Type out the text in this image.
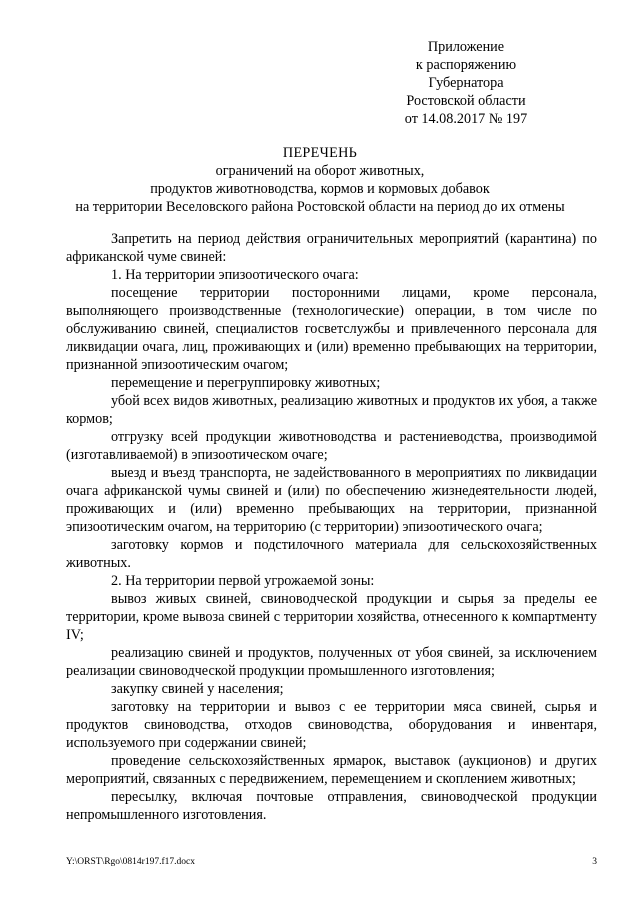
Приложение
к распоряжению
Губернатора
Ростовской области
от 14.08.2017 № 197
ПЕРЕЧЕНЬ
ограничений на оборот животных,
продуктов животноводства, кормов и кормовых добавок
на территории Веселовского района Ростовской области на период до их отмены

Запретить на период действия ограничительных мероприятий (карантина) по африканской чуме свиней:

1. На территории эпизоотического очага:

посещение территории посторонними лицами, кроме персонала, выполняющего производственные (технологические) операции, в том числе по обслуживанию свиней, специалистов госветслужбы и привлеченного персонала для ликвидации очага, лиц, проживающих и (или) временно пребывающих на территории, признанной эпизоотическим очагом;

перемещение и перегруппировку животных;

убой всех видов животных, реализацию животных и продуктов их убоя, а также кормов;

отгрузку всей продукции животноводства и растениеводства, производимой (изготавливаемой) в эпизоотическом очаге;

выезд и въезд транспорта, не задействованного в мероприятиях по ликвидации очага африканской чумы свиней и (или) по обеспечению жизнедеятельности людей, проживающих и (или) временно пребывающих на территории, признанной эпизоотическим очагом, на территорию (с территории) эпизоотического очага;

заготовку кормов и подстилочного материала для сельскохозяйственных животных.

2. На территории первой угрожаемой зоны:

вывоз живых свиней, свиноводческой продукции и сырья за пределы ее территории, кроме вывоза свиней с территории хозяйства, отнесенного к компартменту IV;

реализацию свиней и продуктов, полученных от убоя свиней, за исключением реализации свиноводческой продукции промышленного изготовления;

закупку свиней у населения;

заготовку на территории и вывоз с ее территории мяса свиней, сырья и продуктов свиноводства, отходов свиноводства, оборудования и инвентаря, используемого при содержании свиней;

проведение сельскохозяйственных ярмарок, выставок (аукционов) и других мероприятий, связанных с передвижением, перемещением и скоплением животных;

пересылку, включая почтовые отправления, свиноводческой продукции непромышленного изготовления.

Y:\ORST\Rgo\0814r197.f17.docx	3
